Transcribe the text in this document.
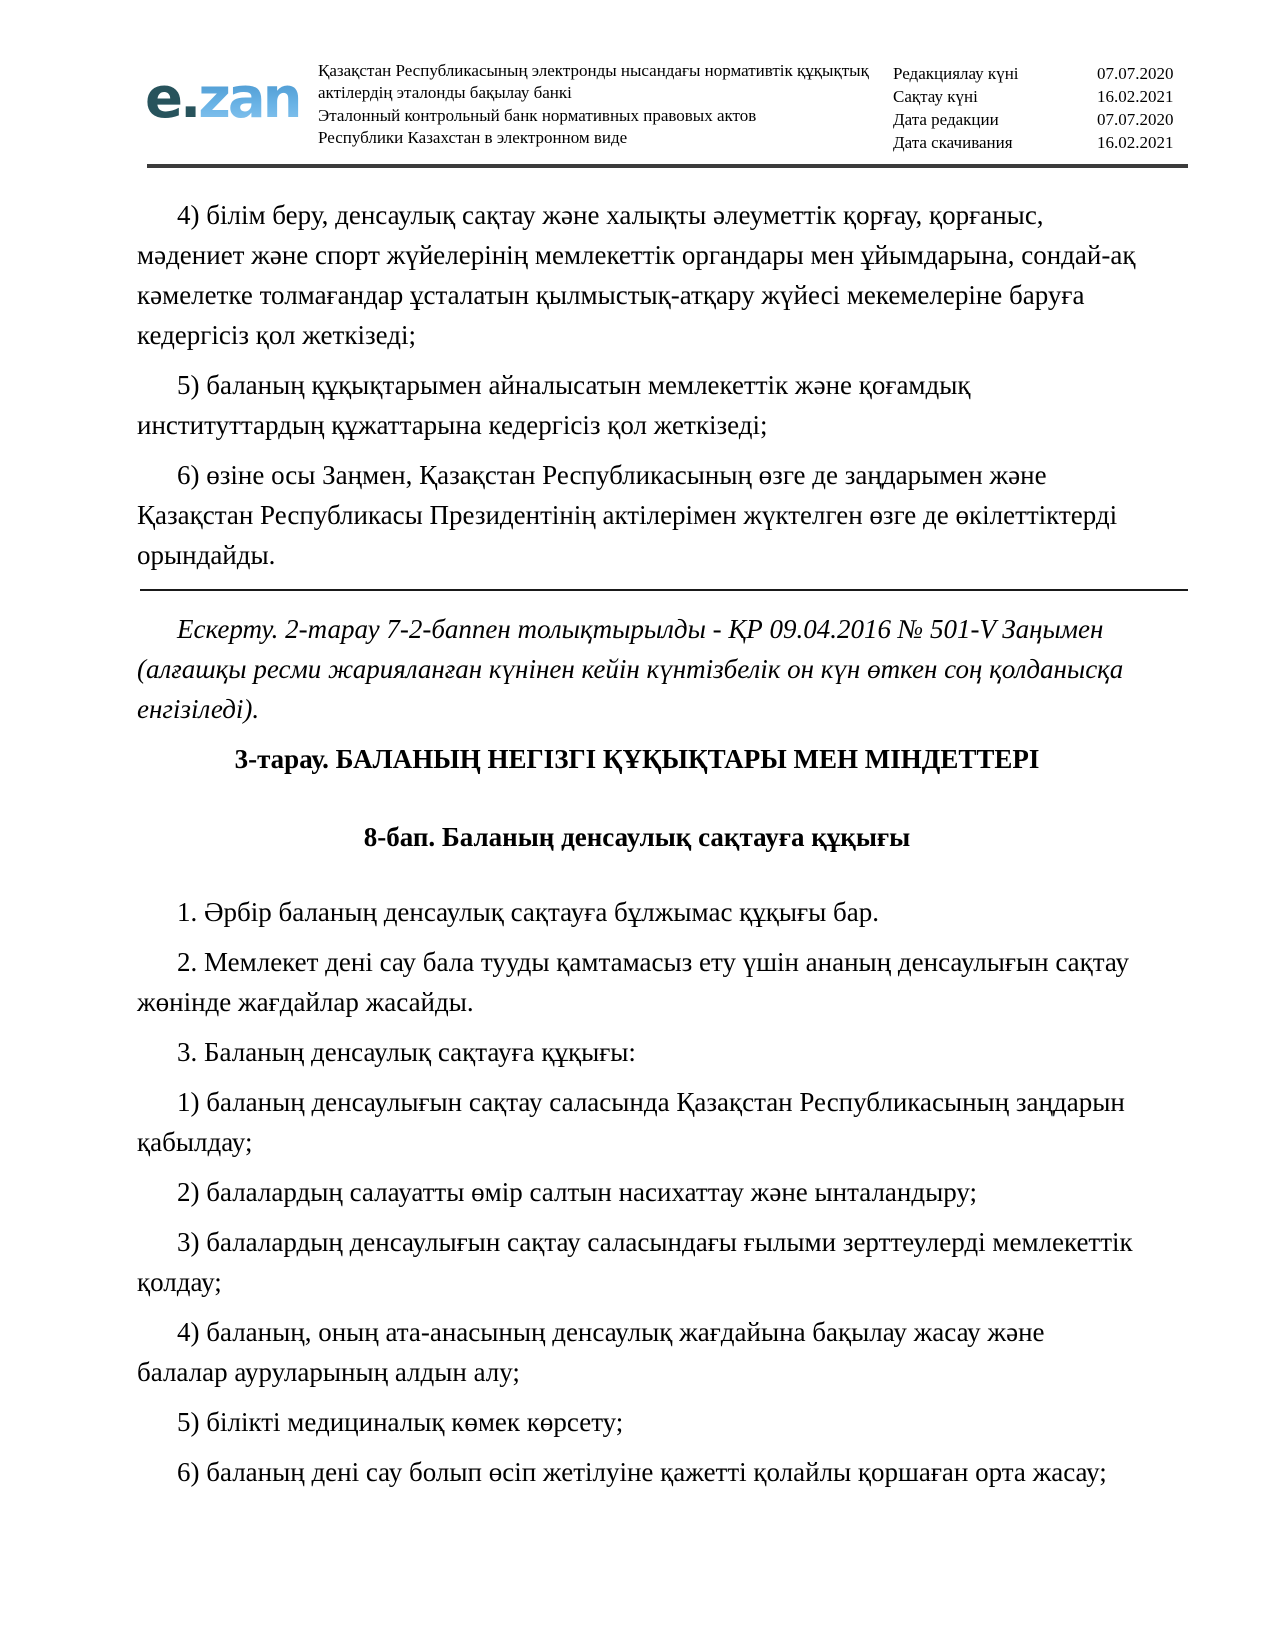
e.zan Қазақстан Республикасының электронды нысандағы нормативтік құқықтық
актілердің эталонды бақылау банкі
Эталонный контрольный банк нормативных правовых актов
Республики Казахстан в электронном виде
Редакциялау күні	07.07.2020
Сақтау күні	16.02.2021
Дата редакции	07.07.2020
Дата скачивания	16.02.2021

4) білім беру, денсаулық сақтау және халықты әлеуметтік қорғау, қорғаныс, мәдениет және спорт жүйелерінің мемлекеттік органдары мен ұйымдарына, сондай-ақ кәмелетке толмағандар ұсталатын қылмыстық-атқару жүйесі мекемелеріне баруға кедергісіз қол жеткізеді;

5) баланың құқықтарымен айналысатын мемлекеттік және қоғамдық институттардың құжаттарына кедергісіз қол жеткізеді;

6) өзіне осы Заңмен, Қазақстан Республикасының өзге де заңдарымен және Қазақстан Республикасы Президентінің актілерімен жүктелген өзге де өкілеттіктерді орындайды.

Ескерту. 2-тарау 7-2-баппен толықтырылды - ҚР 09.04.2016 № 501-V Заңымен (алғашқы ресми жарияланған күнінен кейін күнтізбелік он күн өткен соң қолданысқа енгізіледі).

3-тарау. БАЛАНЫҢ НЕГІЗГІ ҚҰҚЫҚТАРЫ МЕН МІНДЕТТЕРІ
8-бап. Баланың денсаулық сақтауға құқығы

1. Әрбір баланың денсаулық сақтауға бұлжымас құқығы бар.

2. Мемлекет дені сау бала тууды қамтамасыз ету үшін ананың денсаулығын сақтау жөнінде жағдайлар жасайды.

3. Баланың денсаулық сақтауға құқығы:

1) баланың денсаулығын сақтау саласында Қазақстан Республикасының заңдарын қабылдау;

2) балалардың салауатты өмір салтын насихаттау және ынталандыру;

3) балалардың денсаулығын сақтау саласындағы ғылыми зерттеулерді мемлекеттік қолдау;

4) баланың, оның ата-анасының денсаулық жағдайына бақылау жасау және балалар ауруларының алдын алу;

5) білікті медициналық көмек көрсету;

6) баланың дені сау болып өсіп жетілуіне қажетті қолайлы қоршаған орта жасау;
